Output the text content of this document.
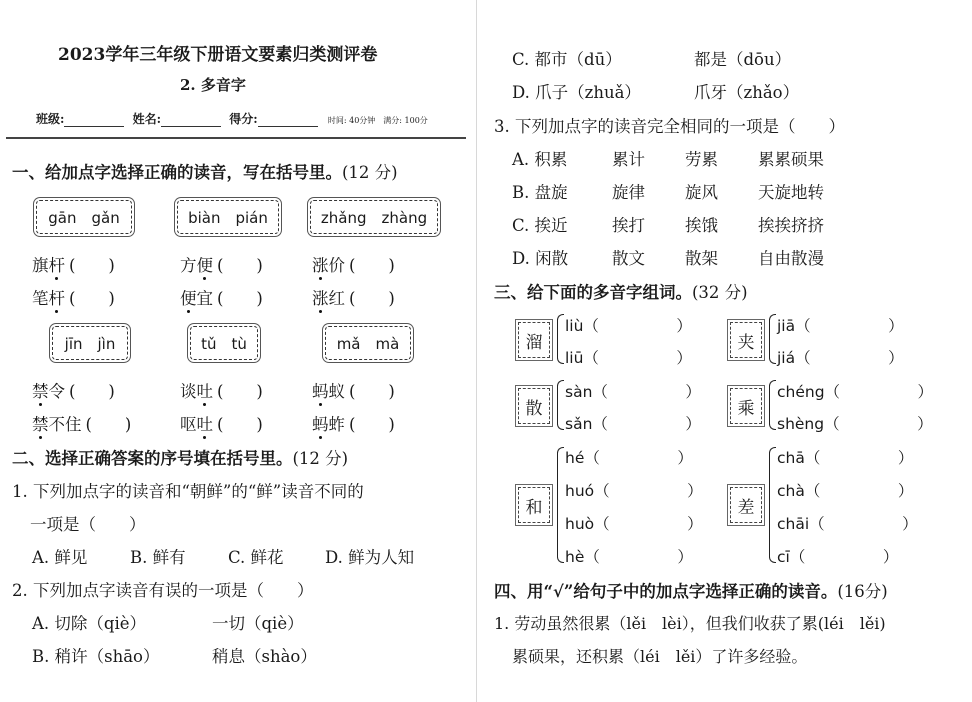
2023学年三年级下册语文要素归类测评卷
2. 多音字
班级:	姓名:	得分:	时间: 40分钟　满分: 100分
一、给加点字选择正确的读音，写在括号里。(12 分)
gān　gǎn	biàn　pián	zhǎng　zhàng
旗杆 (　　)	方便 (　　)	涨价 (　　)
笔杆 (　　)	便宜 (　　)	涨红 (　　)
jīn　jìn	tǔ　tù	mǎ　mà
禁令 (　　)	谈吐 (　　)	蚂蚁 (　　)
禁不住 (　　)	呕吐 (　　)	蚂蚱 (　　)
二、选择正确答案的序号填在括号里。(12 分)
1. 下列加点字的读音和“朝鲜”的“鲜”读音不同的
一项是（　　）
A. 鲜见	B. 鲜有	C. 鲜花	D. 鲜为人知
2. 下列加点字读音有误的一项是（　　）
A. 切除（qiè）	一切（qiè）
B. 稍许（shāo）	稍息（shào）
C. 都市（dū）	都是（dōu）
D. 爪子（zhuǎ）	爪牙（zhǎo）
3. 下列加点字的读音完全相同的一项是（　　）
A. 积累	累计 劳累 累累硕果
B. 盘旋	旋律 旋风 天旋地转
C. 挨近	挨打 挨饿 挨挨挤挤
D. 闲散	散文 散架 自由散漫
三、给下面的多音字组词。(32 分)
溜
liù（　　　　　）
liū（　　　　　）
夹
jiā（　　　　　）
jiá（　　　　　）
散
sàn（　　　　　）
sǎn（　　　　　）
乘
chéng（　　　　　）
shèng（　　　　　）
和
hé（　　　　　）
huó（　　　　　）
huò（　　　　　）
hè（　　　　　）
差
chā（　　　　　）
chà（　　　　　）
chāi（　　　　　）
cī（　　　　　）
四、用“√”给句子中的加点字选择正确的读音。(16分)
1. 劳动虽然很累（lěi　lèi），但我们收获了累(léi　lěi)
累硕果，还积累（léi　lěi）了许多经验。
